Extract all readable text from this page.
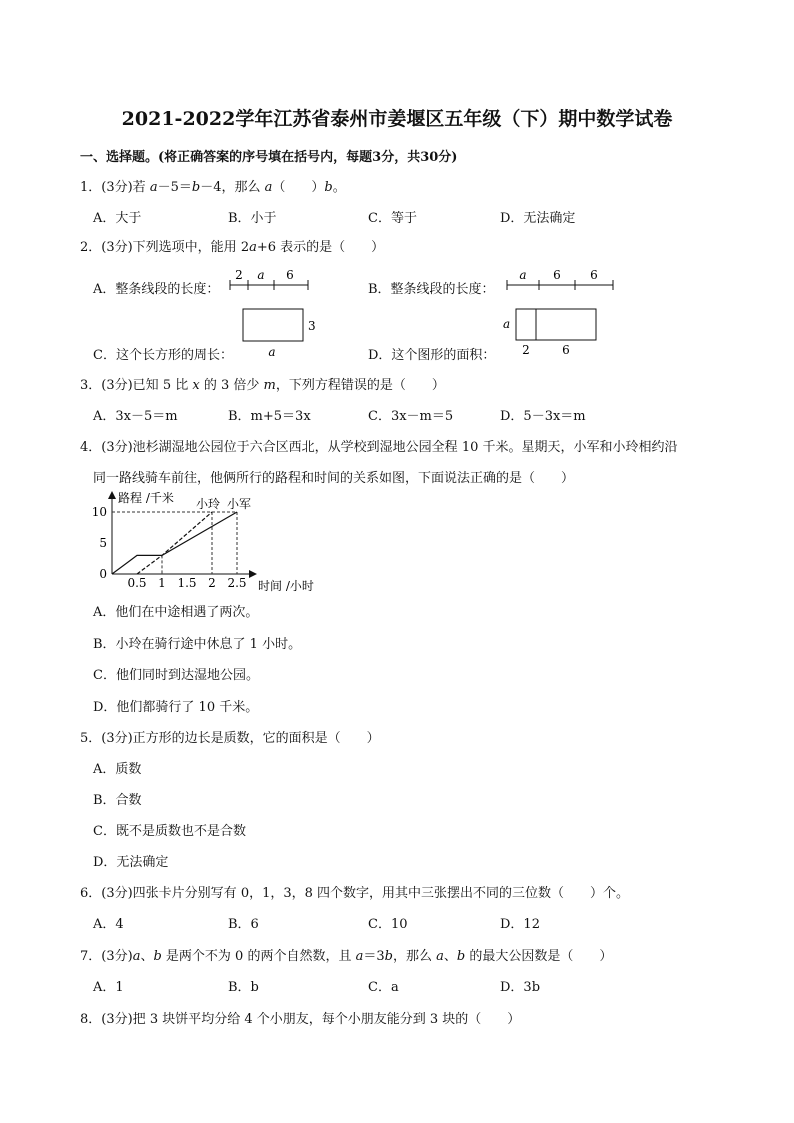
2021-2022学年江苏省泰州市姜堰区五年级（下）期中数学试卷
一、选择题。(将正确答案的序号填在括号内，每题3分，共30分)
1．(3分)若 a－5＝b－4，那么 a（　　）b。
A．大于	B．小于	C．等于	D．无法确定
2．(3分)下列选项中，能用 2a+6 表示的是（　　）
A．整条线段的长度：
2 a 6
B．整条线段的长度：
a 6 6
C．这个长方形的周长：
3
a	D．这个图形的面积：
a
2	6
3．(3分)已知 5 比 x 的 3 倍少 m，下列方程错误的是（　　）
A．3x－5＝m	B．m+5＝3x	C．3x－m＝5	D．5－3x＝m
4．(3分)池杉湖湿地公园位于六合区西北，从学校到湿地公园全程 10 千米。星期天，小军和小玲相约沿
同一路线骑车前往，他俩所行的路程和时间的关系如图，下面说法正确的是（　　）
路程 /千米
时间 /小时
0.5 1 1.5 2 2.5
0
5
10
小玲 小军
A．他们在中途相遇了两次。
B．小玲在骑行途中休息了 1 小时。
C．他们同时到达湿地公园。
D．他们都骑行了 10 千米。
5．(3分)正方形的边长是质数，它的面积是（　　）
A．质数
B．合数
C．既不是质数也不是合数
D．无法确定
6．(3分)四张卡片分别写有 0，1，3，8 四个数字，用其中三张摆出不同的三位数（　　）个。
A．4	B．6	C．10	D．12
7．(3分)a、b 是两个不为 0 的两个自然数，且 a＝3b，那么 a、b 的最大公因数是（　　）
A．1	B．b	C．a	D．3b
8．(3分)把 3 块饼平均分给 4 个小朋友，每个小朋友能分到 3 块的（　　）
